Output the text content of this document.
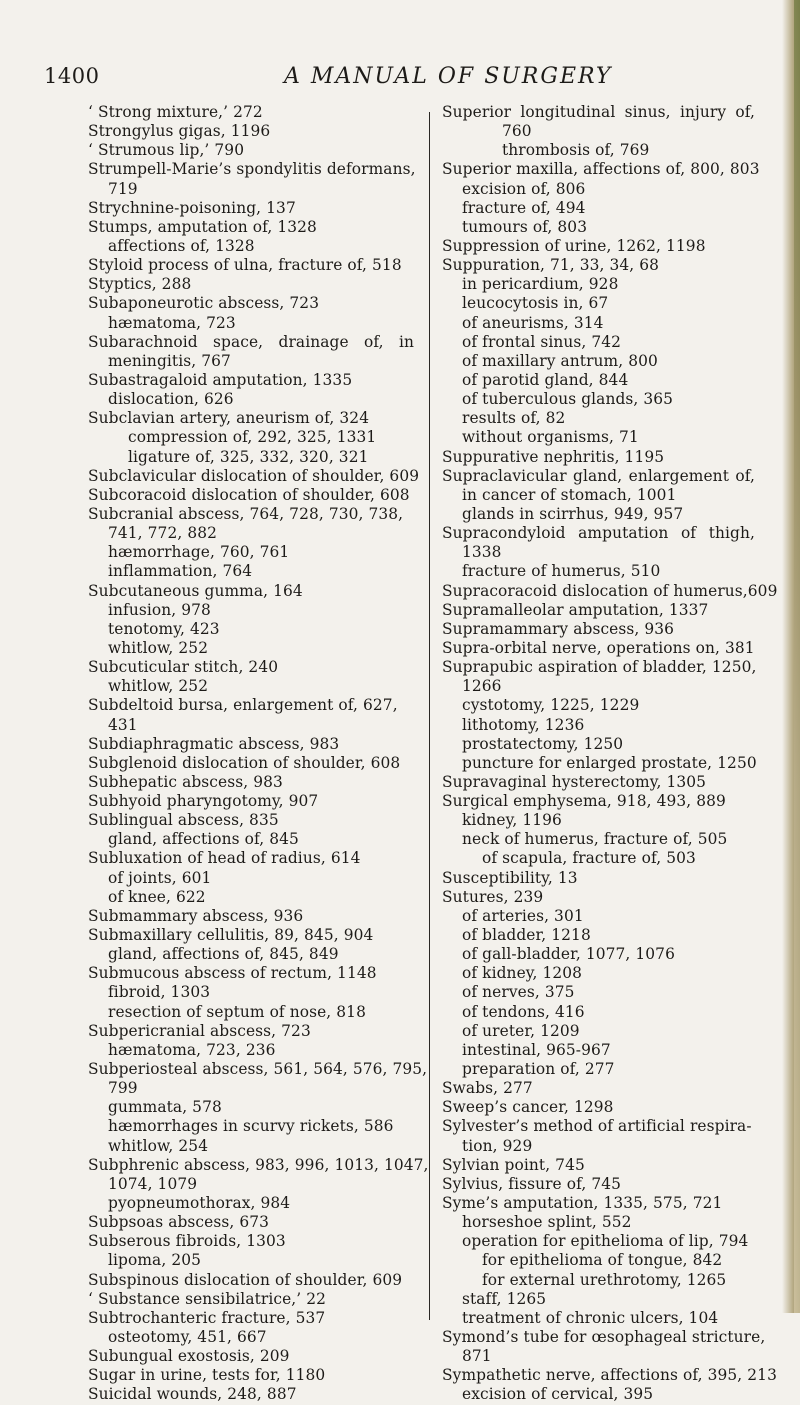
1400	A MANUAL OF SURGERY
‘ Strong mixture,’ 272
Strongylus gigas, 1196
‘ Strumous lip,’ 790
Strumpell-Marie’s spondylitis deformans,
719
Strychnine-poisoning, 137
Stumps, amputation of, 1328
affections of, 1328
Styloid process of ulna, fracture of, 518
Styptics, 288
Subaponeurotic abscess, 723
hæmatoma, 723
Subarachnoid space, drainage of, in
meningitis, 767
Subastragaloid amputation, 1335
dislocation, 626
Subclavian artery, aneurism of, 324
compression of, 292, 325, 1331
ligature of, 325, 332, 320, 321
Subclavicular dislocation of shoulder, 609
Subcoracoid dislocation of shoulder, 608
Subcranial abscess, 764, 728, 730, 738,
741, 772, 882
hæmorrhage, 760, 761
inflammation, 764
Subcutaneous gumma, 164
infusion, 978
tenotomy, 423
whitlow, 252
Subcuticular stitch, 240
whitlow, 252
Subdeltoid bursa, enlargement of, 627,
431
Subdiaphragmatic abscess, 983
Subglenoid dislocation of shoulder, 608
Subhepatic abscess, 983
Subhyoid pharyngotomy, 907
Sublingual abscess, 835
gland, affections of, 845
Subluxation of head of radius, 614
of joints, 601
of knee, 622
Submammary abscess, 936
Submaxillary cellulitis, 89, 845, 904
gland, affections of, 845, 849
Submucous abscess of rectum, 1148
fibroid, 1303
resection of septum of nose, 818
Subpericranial abscess, 723
hæmatoma, 723, 236
Subperiosteal abscess, 561, 564, 576, 795,
799
gummata, 578
hæmorrhages in scurvy rickets, 586
whitlow, 254
Subphrenic abscess, 983, 996, 1013, 1047,
1074, 1079
pyopneumothorax, 984
Subpsoas abscess, 673
Subserous fibroids, 1303
lipoma, 205
Subspinous dislocation of shoulder, 609
‘ Substance sensibilatrice,’ 22
Subtrochanteric fracture, 537
osteotomy, 451, 667
Subungual exostosis, 209
Sugar in urine, tests for, 1180
Suicidal wounds, 248, 887
Superior longitudinal sinus, injury of,
760
thrombosis of, 769
Superior maxilla, affections of, 800, 803
excision of, 806
fracture of, 494
tumours of, 803
Suppression of urine, 1262, 1198
Suppuration, 71, 33, 34, 68
in pericardium, 928
leucocytosis in, 67
of aneurisms, 314
of frontal sinus, 742
of maxillary antrum, 800
of parotid gland, 844
of tuberculous glands, 365
results of, 82
without organisms, 71
Suppurative nephritis, 1195
Supraclavicular gland, enlargement of,
in cancer of stomach, 1001
glands in scirrhus, 949, 957
Supracondyloid amputation of thigh,
1338
fracture of humerus, 510
Supracoracoid dislocation of humerus,609
Supramalleolar amputation, 1337
Supramammary abscess, 936
Supra-orbital nerve, operations on, 381
Suprapubic aspiration of bladder, 1250,
1266
cystotomy, 1225, 1229
lithotomy, 1236
prostatectomy, 1250
puncture for enlarged prostate, 1250
Supravaginal hysterectomy, 1305
Surgical emphysema, 918, 493, 889
kidney, 1196
neck of humerus, fracture of, 505
of scapula, fracture of, 503
Susceptibility, 13
Sutures, 239
of arteries, 301
of bladder, 1218
of gall-bladder, 1077, 1076
of kidney, 1208
of nerves, 375
of tendons, 416
of ureter, 1209
intestinal, 965-967
preparation of, 277
Swabs, 277
Sweep’s cancer, 1298
Sylvester’s method of artificial respira-
tion, 929
Sylvian point, 745
Sylvius, fissure of, 745
Syme’s amputation, 1335, 575, 721
horseshoe splint, 552
operation for epithelioma of lip, 794
for epithelioma of tongue, 842
for external urethrotomy, 1265
staff, 1265
treatment of chronic ulcers, 104
Symond’s tube for œsophageal stricture,
871
Sympathetic nerve, affections of, 395, 213
excision of cervical, 395
